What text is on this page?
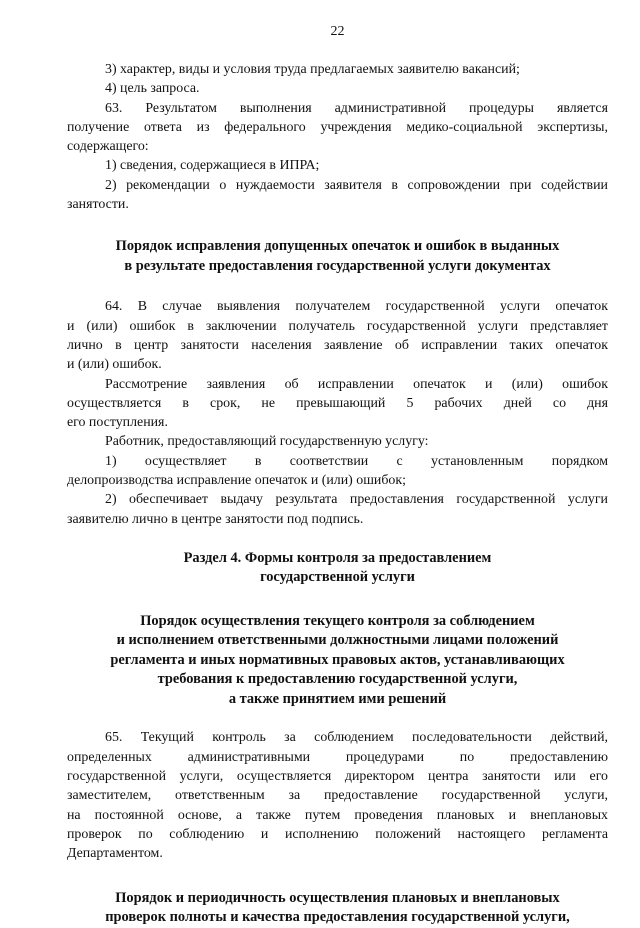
22

3) характер, виды и условия труда предлагаемых заявителю вакансий;

4) цель запроса.

63. Результатом выполнения административной процедуры является

получение ответа из федерального учреждения медико-социальной экспертизы,

содержащего:

1) сведения, содержащиеся в ИПРА;

2) рекомендации о нуждаемости заявителя в сопровождении при содействии

занятости.

Порядок исправления допущенных опечаток и ошибок в выданных
в результате предоставления государственной услуги документах

64. В случае выявления получателем государственной услуги опечаток

и (или) ошибок в заключении получатель государственной услуги представляет

лично в центр занятости населения заявление об исправлении таких опечаток

и (или) ошибок.

Рассмотрение заявления об исправлении опечаток и (или) ошибок

осуществляется в срок, не превышающий 5 рабочих дней со дня

его поступления.

Работник, предоставляющий государственную услугу:

1) осуществляет в соответствии с установленным порядком

делопроизводства исправление опечаток и (или) ошибок;

2) обеспечивает выдачу результата предоставления государственной услуги

заявителю лично в центре занятости под подпись.

Раздел 4. Формы контроля за предоставлением
государственной услуги
Порядок осуществления текущего контроля за соблюдением
и исполнением ответственными должностными лицами положений
регламента и иных нормативных правовых актов, устанавливающих
требования к предоставлению государственной услуги,
а также принятием ими решений

65. Текущий контроль за соблюдением последовательности действий,

определенных административными процедурами по предоставлению

государственной услуги, осуществляется директором центра занятости или его

заместителем, ответственным за предоставление государственной услуги,

на постоянной основе, а также путем проведения плановых и внеплановых

проверок по соблюдению и исполнению положений настоящего регламента

Департаментом.

Порядок и периодичность осуществления плановых и внеплановых
проверок полноты и качества предоставления государственной услуги,
